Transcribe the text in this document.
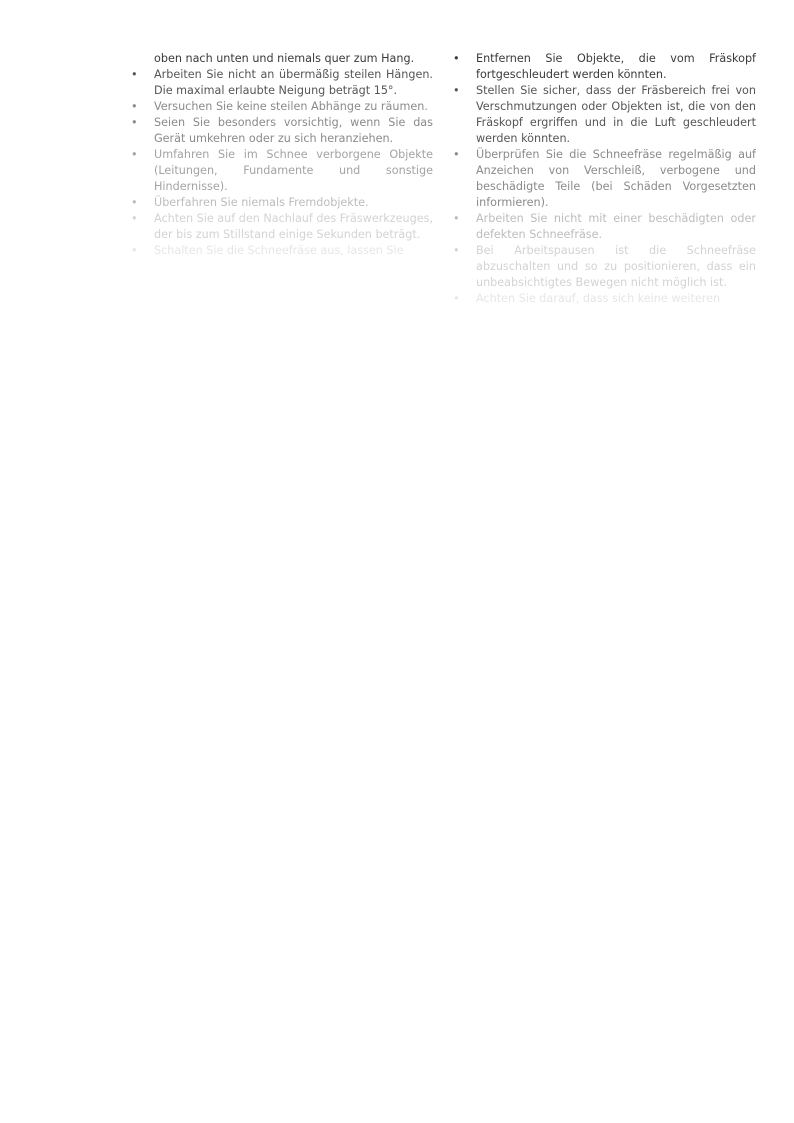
oben nach unten und niemals quer zum Hang.

•	Arbeiten Sie nicht an übermäßig steilen Hängen. Die maximal erlaubte Neigung beträgt 15°.
•	Versuchen Sie keine steilen Abhänge zu räumen.
•	Seien Sie besonders vorsichtig, wenn Sie das Gerät umkehren oder zu sich heranziehen.
•	Umfahren Sie im Schnee verborgene Objekte (Leitungen, Fundamente und sonstige Hindernisse).
•	Überfahren Sie niemals Fremdobjekte.
•	Achten Sie auf den Nachlauf des Fräswerkzeuges, der bis zum Stillstand einige Sekunden beträgt.
•	Schalten Sie die Schneefräse aus, lassen Sie
•	Entfernen Sie Objekte, die vom Fräskopf fortgeschleudert werden könnten.
•	Stellen Sie sicher, dass der Fräsbereich frei von Verschmutzungen oder Objekten ist, die von den Fräskopf ergriffen und in die Luft geschleudert werden könnten.
•	Überprüfen Sie die Schneefräse regelmäßig auf Anzeichen von Verschleiß, verbogene und beschädigte Teile (bei Schäden Vorgesetzten informieren).
•	Arbeiten Sie nicht mit einer beschädigten oder defekten Schneefräse.
•	Bei Arbeitspausen ist die Schneefräse abzuschalten und so zu positionieren, dass ein unbeabsichtigtes Bewegen nicht möglich ist.
•	Achten Sie darauf, dass sich keine weiteren
